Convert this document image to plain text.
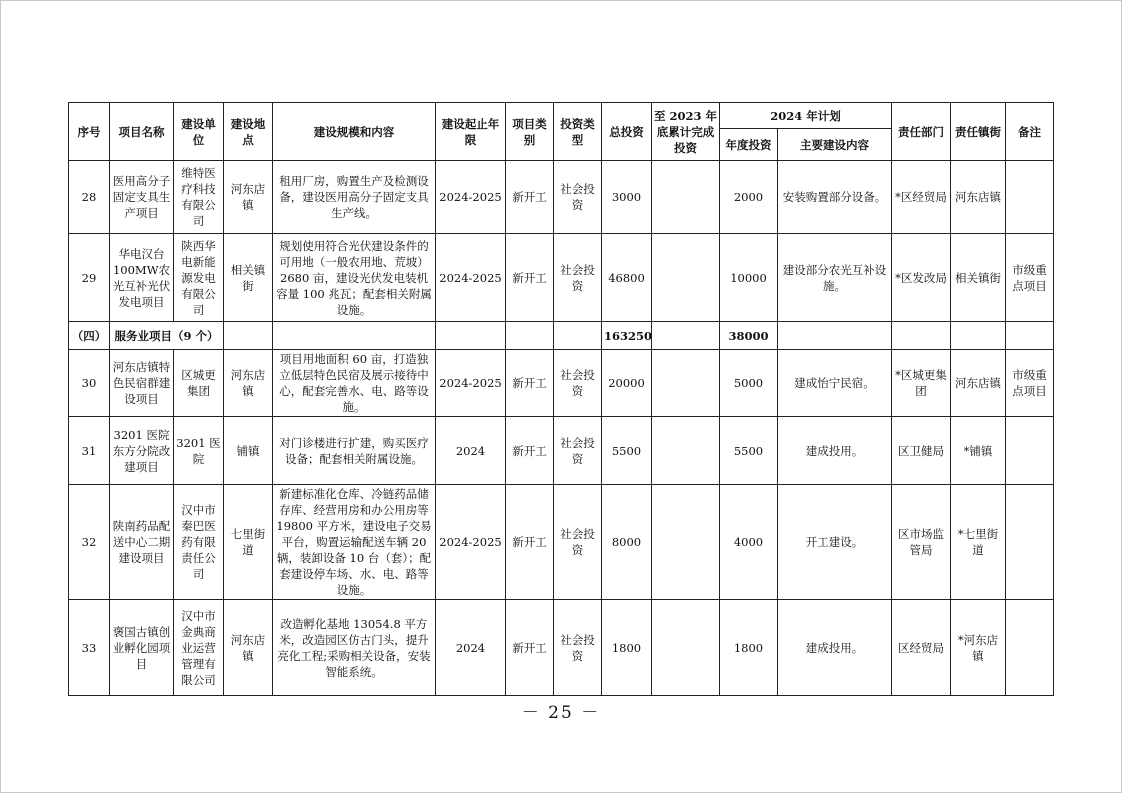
序号	项目名称	建设单位	建设地点	建设规模和内容	建设起止年限	项目类别	投资类型	总投资	至 2023 年底累计完成投资	2024 年计划		责任部门	责任镇街	备注
										年度投资	主要建设内容			
28	医用高分子固定支具生产项目	维特医疗科技有限公司	河东店镇	租用厂房，购置生产及检测设备，建设医用高分子固定支具生产线。	2024-2025	新开工	社会投资	3000		2000	安装购置部分设备。	*区经贸局	河东店镇	
29	华电汉台100MW农光互补光伏发电项目	陕西华电新能源发电有限公司	相关镇街	规划使用符合光伏建设条件的可用地（一般农用地、荒坡）2680 亩，建设光伏发电装机容量 100 兆瓦；配套相关附属设施。	2024-2025	新开工	社会投资	46800		10000	建设部分农光互补设施。	*区发改局	相关镇街	市级重点项目
（四）	服务业项目（9 个）							163250		38000				
30	河东店镇特色民宿群建设项目	区城更集团	河东店镇	项目用地面积 60 亩，打造独立低层特色民宿及展示接待中心，配套完善水、电、路等设施。	2024-2025	新开工	社会投资	20000		5000	建成怡宁民宿。	*区城更集团	河东店镇	市级重点项目
31	3201 医院东方分院改建项目	3201 医院	铺镇	对门诊楼进行扩建，购买医疗设备；配套相关附属设施。	2024	新开工	社会投资	5500		5500	建成投用。	区卫健局	*铺镇	
32	陕南药品配送中心二期建设项目	汉中市秦巴医药有限责任公司	七里街道	新建标准化仓库、冷链药品储存库、经营用房和办公用房等 19800 平方米，建设电子交易平台，购置运输配送车辆 20 辆，装卸设备 10 台（套）；配套建设停车场、水、电、路等设施。	2024-2025	新开工	社会投资	8000		4000	开工建设。	区市场监管局	*七里街道	
33	褒国古镇创业孵化园项目	汉中市金典商业运营管理有限公司	河东店镇	改造孵化基地 13054.8 平方米，改造园区仿古门头，提升亮化工程;采购相关设备，安装智能系统。	2024	新开工	社会投资	1800		1800	建成投用。	区经贸局	*河东店镇	
－ 25 －
